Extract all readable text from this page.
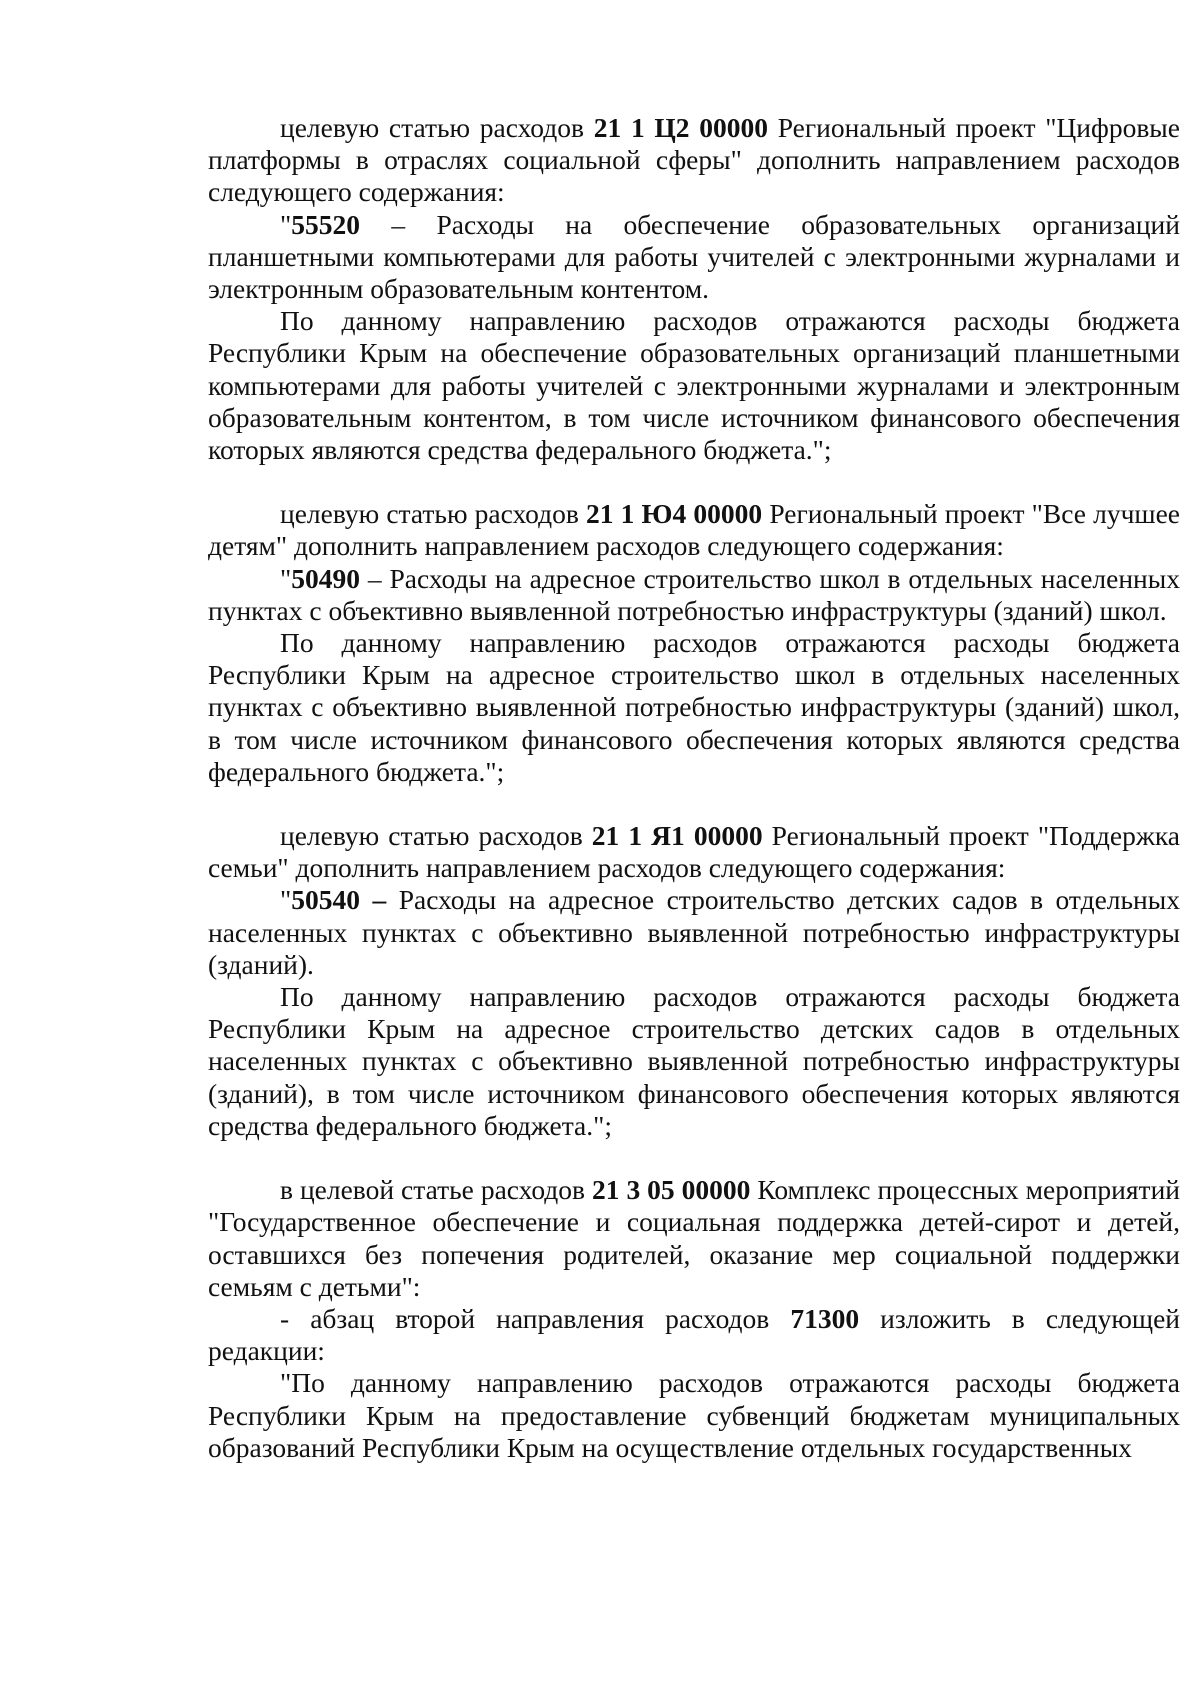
целевую статью расходов 21 1 Ц2 00000 Региональный проект "Цифровые платформы в отраслях социальной сферы" дополнить направлением расходов следующего содержания:

"55520 – Расходы на обеспечение образовательных организаций планшетными компьютерами для работы учителей с электронными журналами и электронным образовательным контентом.

По данному направлению расходов отражаются расходы бюджета Республики Крым на обеспечение образовательных организаций планшетными компьютерами для работы учителей с электронными журналами и электронным образовательным контентом, в том числе источником финансового обеспечения которых являются средства федерального бюджета.";

целевую статью расходов 21 1 Ю4 00000 Региональный проект "Все лучшее детям" дополнить направлением расходов следующего содержания:

"50490 – Расходы на адресное строительство школ в отдельных населенных пунктах с объективно выявленной потребностью инфраструктуры (зданий) школ.

По данному направлению расходов отражаются расходы бюджета Республики Крым на адресное строительство школ в отдельных населенных пунктах с объективно выявленной потребностью инфраструктуры (зданий) школ, в том числе источником финансового обеспечения которых являются средства федерального бюджета.";

целевую статью расходов 21 1 Я1 00000 Региональный проект "Поддержка семьи" дополнить направлением расходов следующего содержания:

"50540 – Расходы на адресное строительство детских садов в отдельных населенных пунктах с объективно выявленной потребностью инфраструктуры (зданий).

По данному направлению расходов отражаются расходы бюджета Республики Крым на адресное строительство детских садов в отдельных населенных пунктах с объективно выявленной потребностью инфраструктуры (зданий), в том числе источником финансового обеспечения которых являются средства федерального бюджета.";

в целевой статье расходов 21 3 05 00000 Комплекс процессных мероприятий "Государственное обеспечение и социальная поддержка детей-сирот и детей, оставшихся без попечения родителей, оказание мер социальной поддержки семьям с детьми":

- абзац второй направления расходов 71300 изложить в следующей редакции:

"По данному направлению расходов отражаются расходы бюджета Республики Крым на предоставление субвенций бюджетам муниципальных образований Республики Крым на осуществление отдельных государственных
